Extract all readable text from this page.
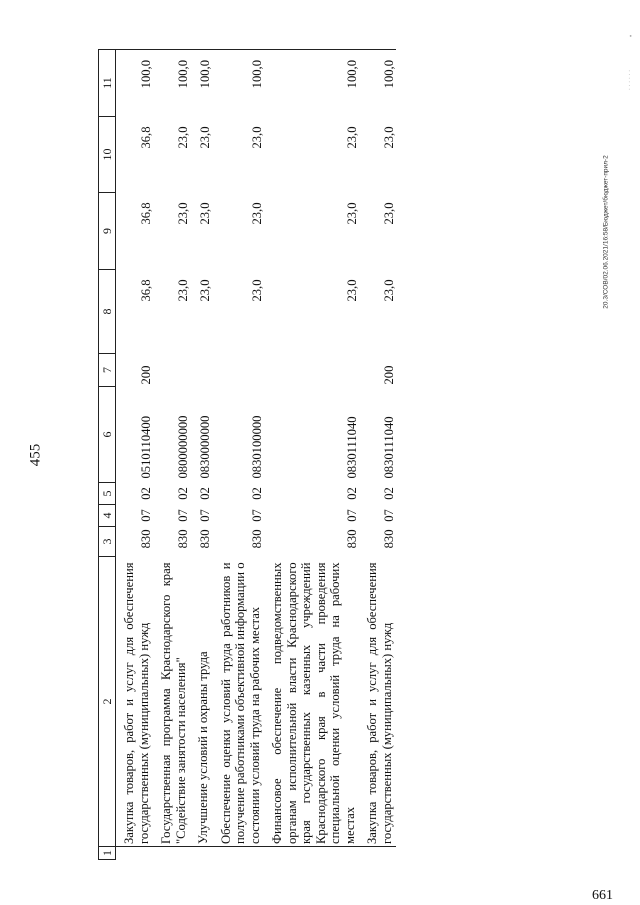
455
1	2	3	4	5	6	7	8	9	10	11
	Закупка товаров, работ и услуг для обеспечения государственных (муниципальных) нужд	830	07	02	0510110400	200	36,8	36,8	36,8	100,0
	Государственная программа Краснодарского края "Содействие занятости населения"	830	07	02	0800000000		23,0	23,0	23,0	100,0
	Улучшение условий и охраны труда	830	07	02	0830000000		23,0	23,0	23,0	100,0
	Обеспечение оценки условий труда работников и получение работниками объективной информации о состоянии условий труда на рабочих местах	830	07	02	0830100000		23,0	23,0	23,0	100,0
	Финансовое обеспечение подведомственных органам исполнительной власти Краснодарского края государственных казенных учреждений Краснодарского края в части проведения специальной оценки условий труда на рабочих местах	830	07	02	0830111040		23,0	23,0	23,0	100,0
	Закупка товаров, работ и услуг для обеспечения государственных (муниципальных) нужд	830	07	02	0830111040	200	23,0	23,0	23,0	100,0
20.3/СОВ/02.06.2021/16:58/Бюджет/бюджет-прил-2
•
· · · · · ·
661
